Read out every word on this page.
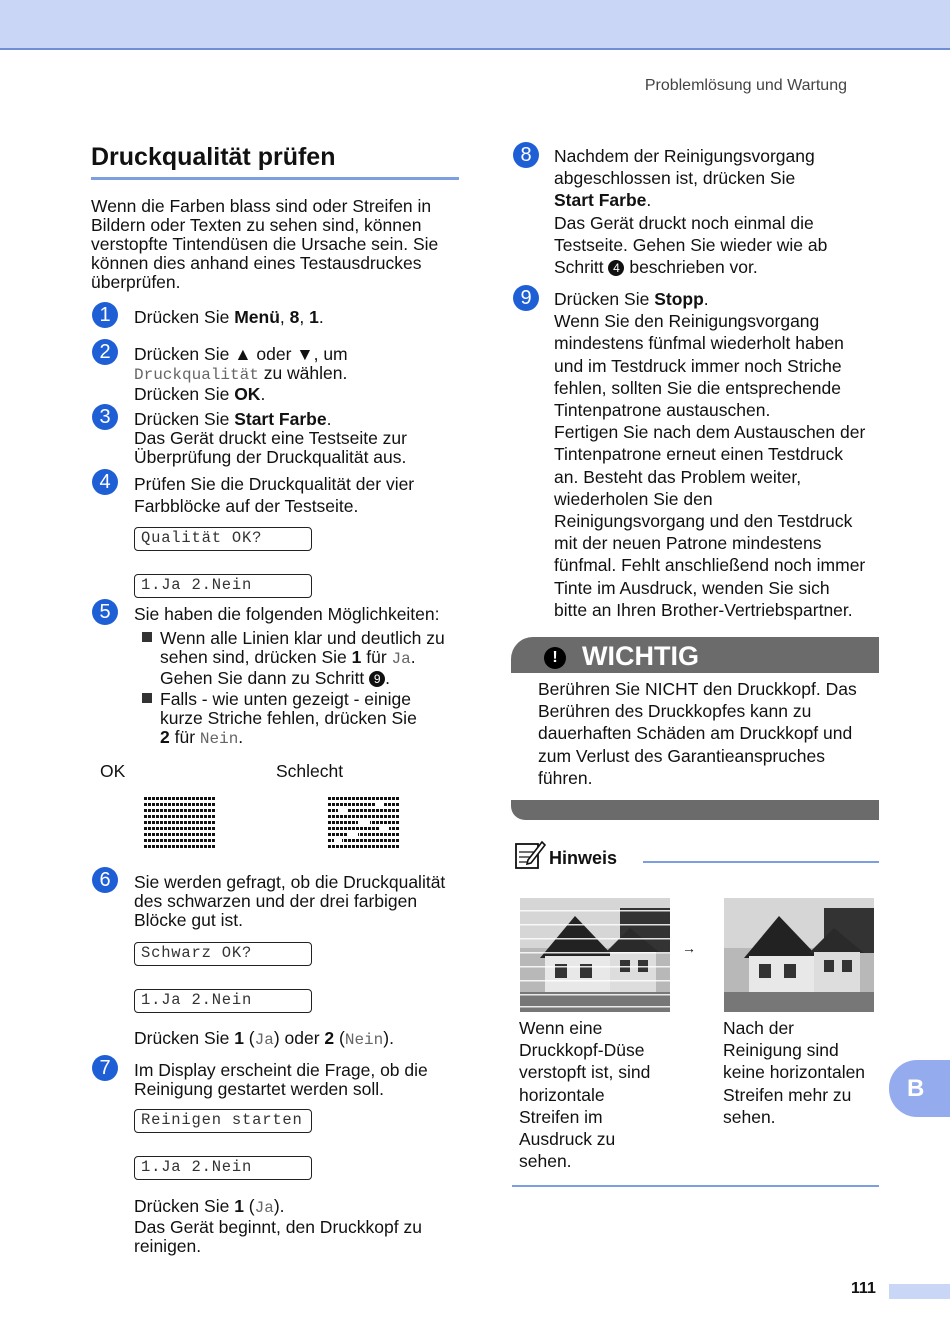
Problemlösung und Wartung
Druckqualität prüfen
Wenn die Farben blass sind oder Streifen in
Bildern oder Texten zu sehen sind, können
verstopfte Tintendüsen die Ursache sein. Sie
können dies anhand eines Testausdruckes
überprüfen.
1	Drücken Sie Menü, 8, 1.
2	Drücken Sie ▲ oder ▼, um
Druckqualität zu wählen.
Drücken Sie OK.
3	Drücken Sie Start Farbe.
Das Gerät druckt eine Testseite zur
Überprüfung der Druckqualität aus.
4	Prüfen Sie die Druckqualität der vier
Farbblöcke auf der Testseite.
Qualität OK?
1.Ja 2.Nein
5	Sie haben die folgenden Möglichkeiten:
Wenn alle Linien klar und deutlich zu
sehen sind, drücken Sie 1 für Ja.
Gehen Sie dann zu Schritt 9 .
Falls - wie unten gezeigt - einige
kurze Striche fehlen, drücken Sie
2 für Nein.
OK	Schlecht
6	Sie werden gefragt, ob die Druckqualität
des schwarzen und der drei farbigen
Blöcke gut ist.
Schwarz OK?
1.Ja 2.Nein
Drücken Sie 1 (Ja) oder 2 (Nein).
7	Im Display erscheint die Frage, ob die
Reinigung gestartet werden soll.
Reinigen starten
1.Ja 2.Nein
Drücken Sie 1 (Ja).
Das Gerät beginnt, den Druckkopf zu
reinigen.
8	Nachdem der Reinigungsvorgang
abgeschlossen ist, drücken Sie
Start Farbe.
Das Gerät druckt noch einmal die
Testseite. Gehen Sie wieder wie ab
Schritt 4 beschrieben vor.
9	Drücken Sie Stopp.
Wenn Sie den Reinigungsvorgang
mindestens fünfmal wiederholt haben
und im Testdruck immer noch Striche
fehlen, sollten Sie die entsprechende
Tintenpatrone austauschen.
Fertigen Sie nach dem Austauschen der
Tintenpatrone erneut einen Testdruck
an. Besteht das Problem weiter,
wiederholen Sie den
Reinigungsvorgang und den Testdruck
mit der neuen Patrone mindestens
fünfmal. Fehlt anschließend noch immer
Tinte im Ausdruck, wenden Sie sich
bitte an Ihren Brother-Vertriebspartner.
! WICHTIG
Berühren Sie NICHT den Druckkopf. Das
Berühren des Druckkopfes kann zu
dauerhaften Schäden am Druckkopf und
zum Verlust des Garantieanspruches
führen.
Hinweis
→
Wenn eine
Druckkopf-Düse
verstopft ist, sind
horizontale
Streifen im
Ausdruck zu
sehen.
Nach der
Reinigung sind
keine horizontalen
Streifen mehr zu
sehen.
B
111
